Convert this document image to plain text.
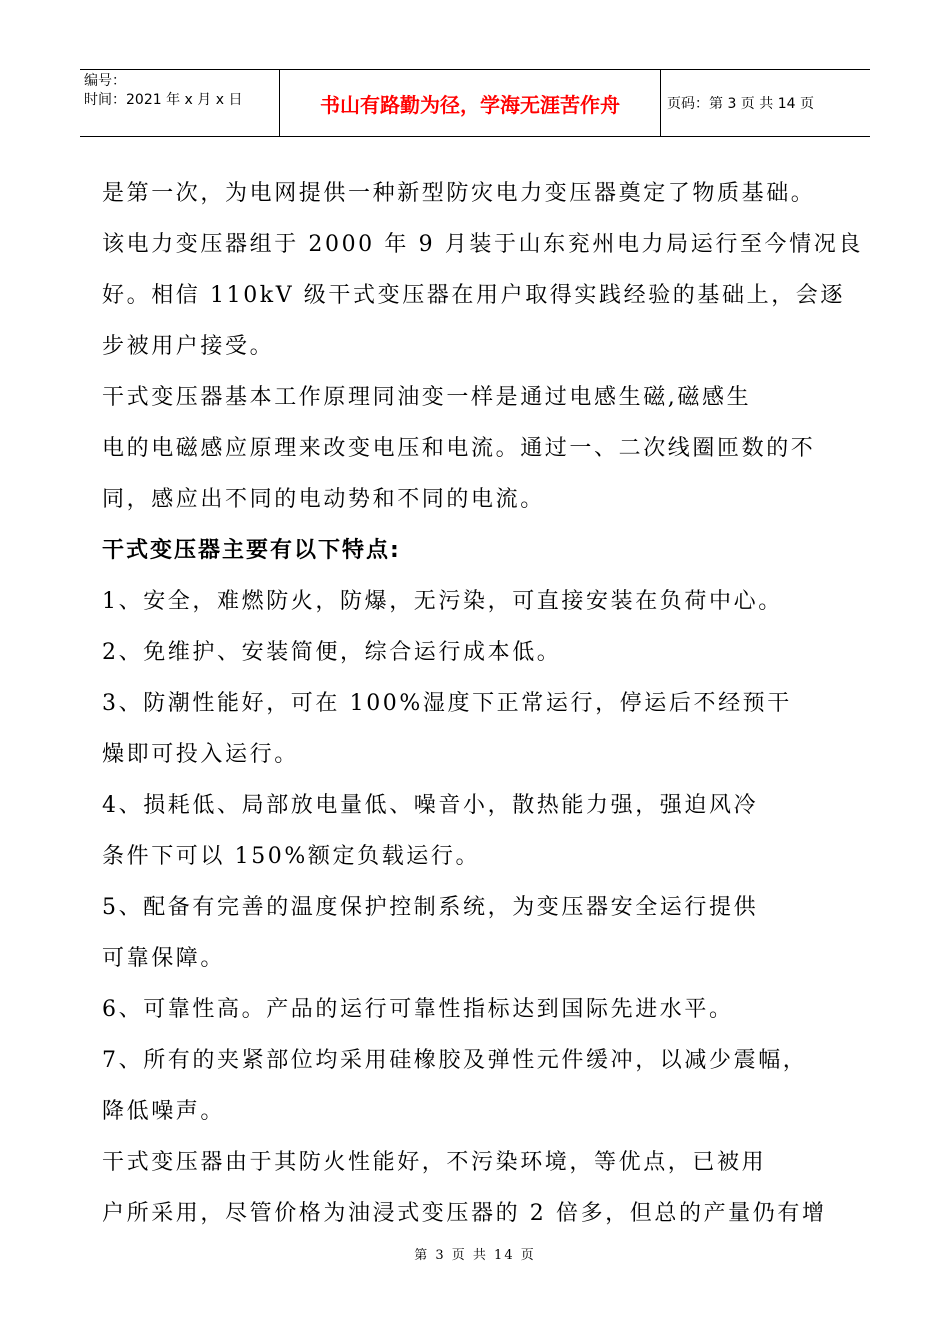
编号：
时间：2021 年 x 月 x 日	书山有路勤为径，学海无涯苦作舟	页码：第 3 页 共 14 页
是第一次，为电网提供一种新型防灾电力变压器奠定了物质基础。
该电力变压器组于 2000 年 9 月装于山东兖州电力局运行至今情况良
好。相信 110kV 级干式变压器在用户取得实践经验的基础上，会逐
步被用户接受。
干式变压器基本工作原理同油变一样是通过电感生磁,磁感生
电的电磁感应原理来改变电压和电流。通过一、二次线圈匝数的不
同，感应出不同的电动势和不同的电流。
干式变压器主要有以下特点:
1、安全，难燃防火，防爆，无污染，可直接安装在负荷中心。
2、免维护、安装简便，综合运行成本低。
3、防潮性能好，可在 100%湿度下正常运行，停运后不经预干
燥即可投入运行。
4、损耗低、局部放电量低、噪音小，散热能力强，强迫风冷
条件下可以 150%额定负载运行。
5、配备有完善的温度保护控制系统，为变压器安全运行提供
可靠保障。
6、可靠性高。产品的运行可靠性指标达到国际先进水平。
7、所有的夹紧部位均采用硅橡胶及弹性元件缓冲，以减少震幅，
降低噪声。
干式变压器由于其防火性能好，不污染环境，等优点，已被用
户所采用，尽管价格为油浸式变压器的 2 倍多，但总的产量仍有增
第 3 页 共 14 页
